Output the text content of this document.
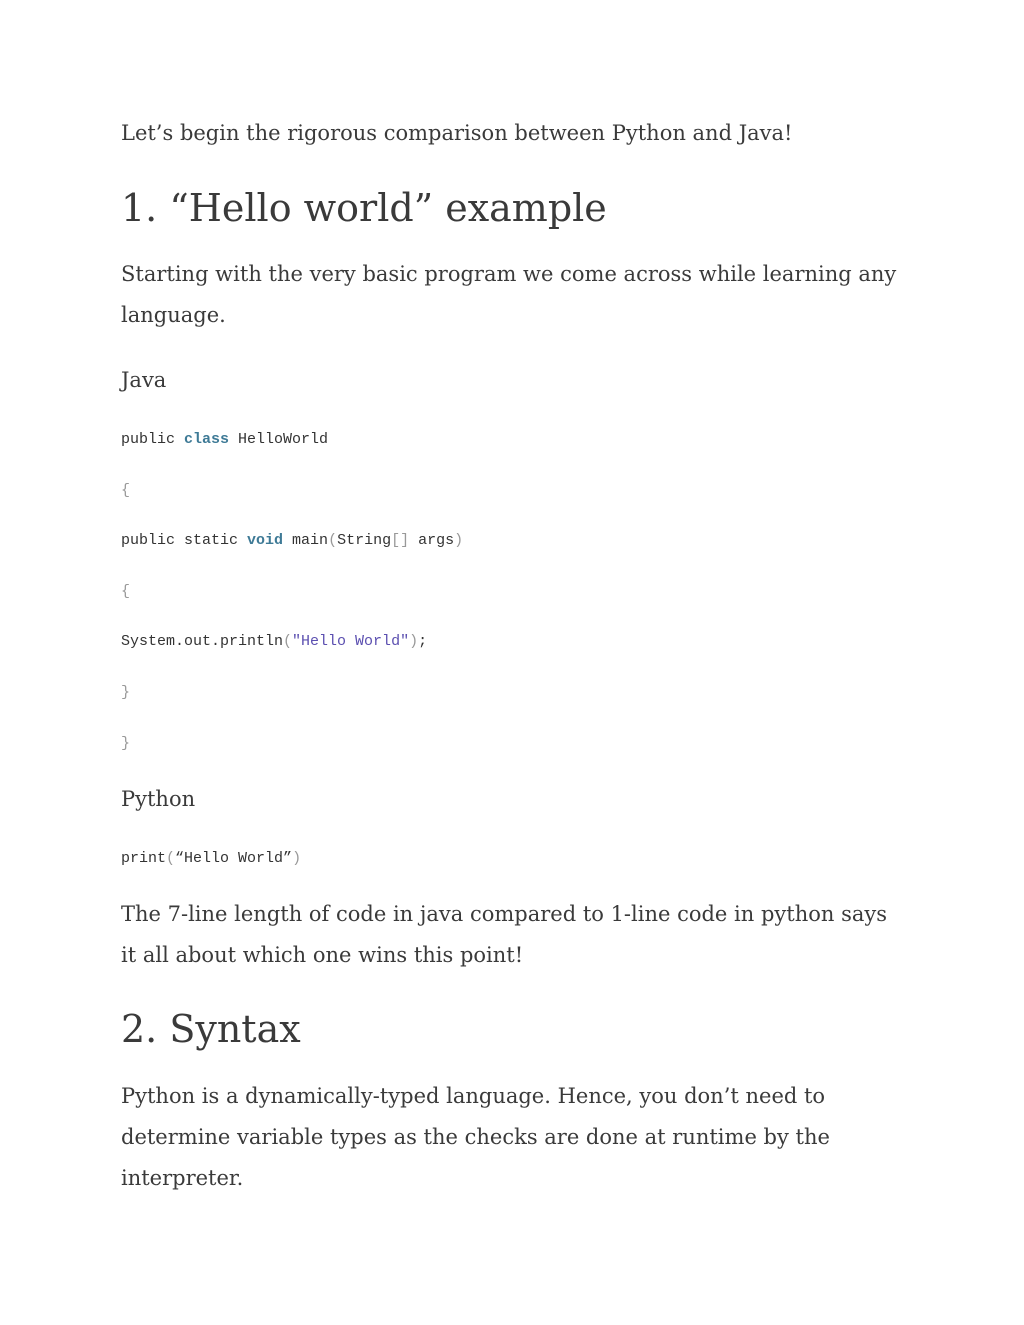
Let’s begin the rigorous comparison between Python and Java!
1. “Hello world” example

Starting with the very basic program we come across while learning any language.

Java
public class HelloWorld
{
public static void main(String[] args)
{
System.out.println("Hello World");
}
}
Python
print(“Hello World”)

The 7-line length of code in java compared to 1-line code in python says it all about which one wins this point!

2. Syntax

Python is a dynamically-typed language. Hence, you don’t need to determine variable types as the checks are done at runtime by the interpreter.
